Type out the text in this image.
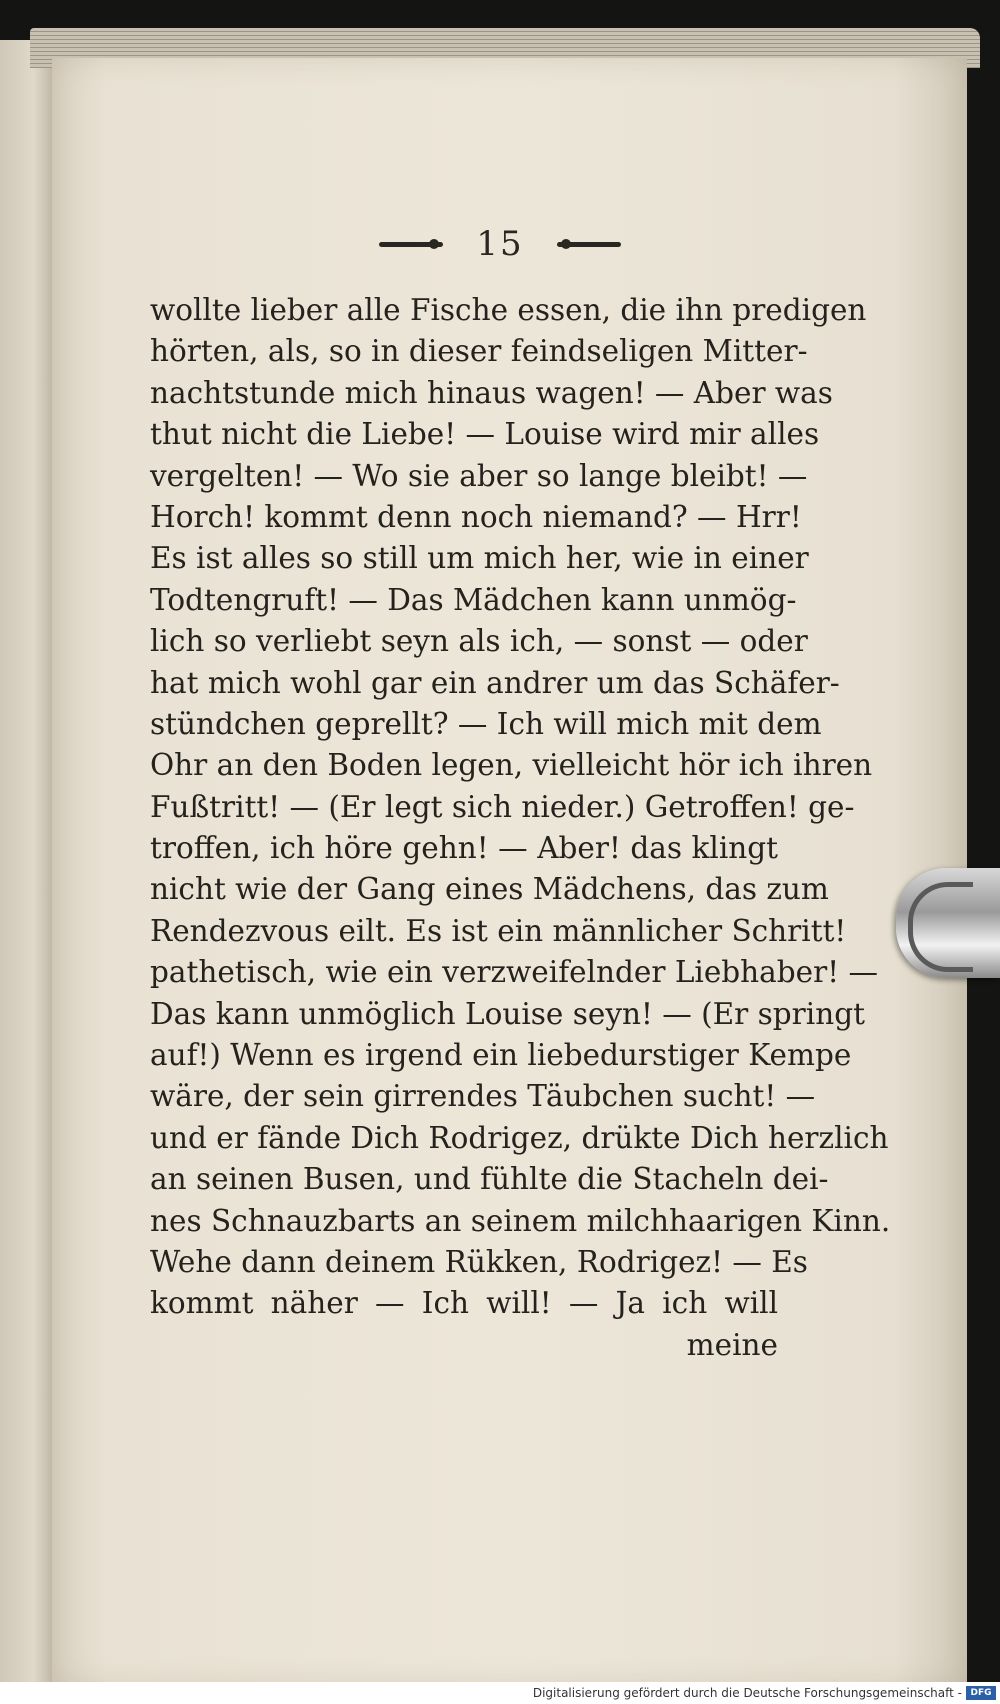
15
wollte lieber alle Fische essen, die ihn predigen
hörten, als, so in dieser feindseligen Mitter-
nachtstunde mich hinaus wagen! — Aber was
thut nicht die Liebe! — Louise wird mir alles
vergelten! — Wo sie aber so lange bleibt! —
Horch! kommt denn noch niemand? — Hrr!
Es ist alles so still um mich her, wie in einer
Todtengruft! — Das Mädchen kann unmög-
lich so verliebt seyn als ich, — sonst — oder
hat mich wohl gar ein andrer um das Schäfer-
stündchen geprellt? — Ich will mich mit dem
Ohr an den Boden legen, vielleicht hör ich ihren
Fußtritt! — (Er legt sich nieder.) Getroffen! ge-
troffen, ich höre gehn! — Aber! das klingt
nicht wie der Gang eines Mädchens, das zum
Rendezvous eilt. Es ist ein männlicher Schritt!
pathetisch, wie ein verzweifelnder Liebhaber! —
Das kann unmöglich Louise seyn! — (Er springt
auf!) Wenn es irgend ein liebedurstiger Kempe
wäre, der sein girrendes Täubchen sucht! —
und er fände Dich Rodrigez, drükte Dich herzlich
an seinen Busen, und fühlte die Stacheln dei-
nes Schnauzbarts an seinem milchhaarigen Kinn.
Wehe dann deinem Rükken, Rodrigez! — Es
kommt näher — Ich will! — Ja ich will
meine
Digitalisierung gefördert durch die Deutsche Forschungsgemeinschaft - DFG
